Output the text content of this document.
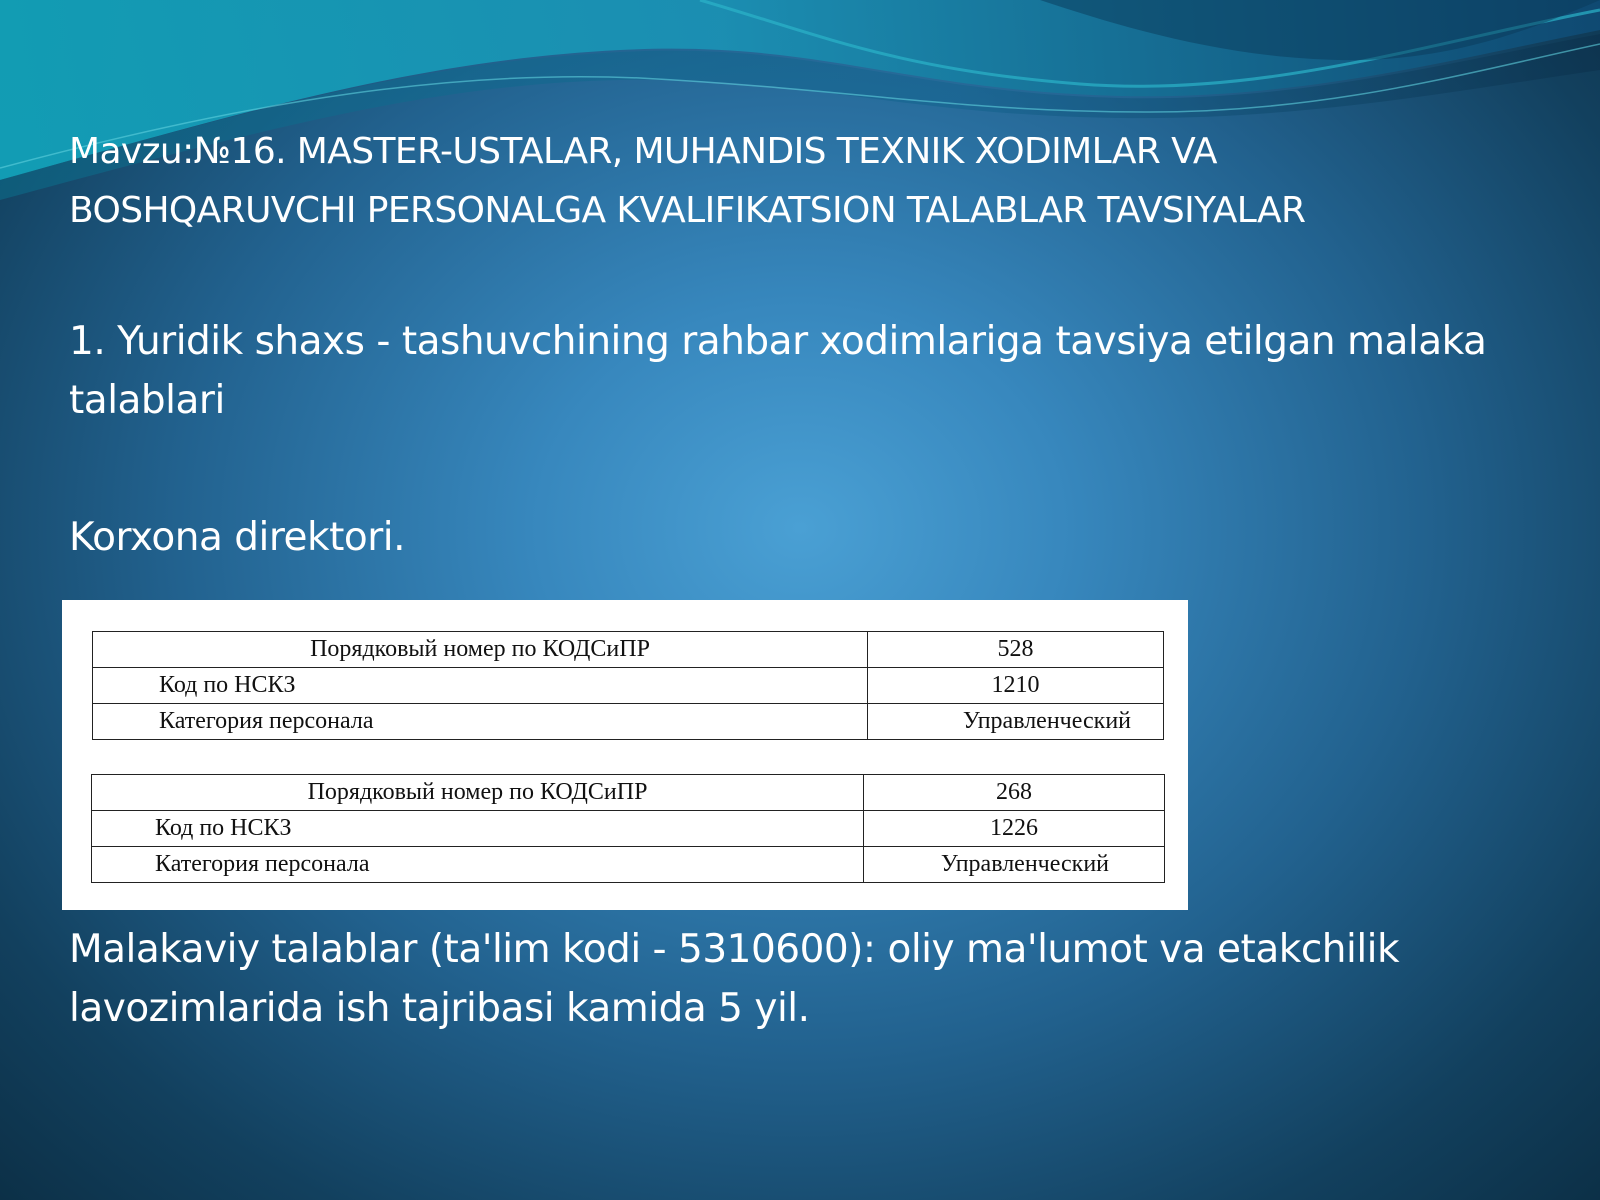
Mavzu:№16. MASTER-USTALAR, MUHANDIS TEXNIK XODIMLAR VA
BOSHQARUVCHI PERSONALGA KVALIFIKATSION TALABLAR TAVSIYALAR
1. Yuridik shaxs - tashuvchining rahbar xodimlariga tavsiya etilgan malaka
talablari
Korxona direktori.
Порядковый номер по КОДСиПР	528
Код по НСКЗ	1210
Категория персонала	Управленческий
Порядковый номер по КОДСиПР	268
Код по НСКЗ	1226
Категория персонала	Управленческий
Malakaviy talablar (ta'lim kodi - 5310600): oliy ma'lumot va etakchilik
lavozimlarida ish tajribasi kamida 5 yil.
